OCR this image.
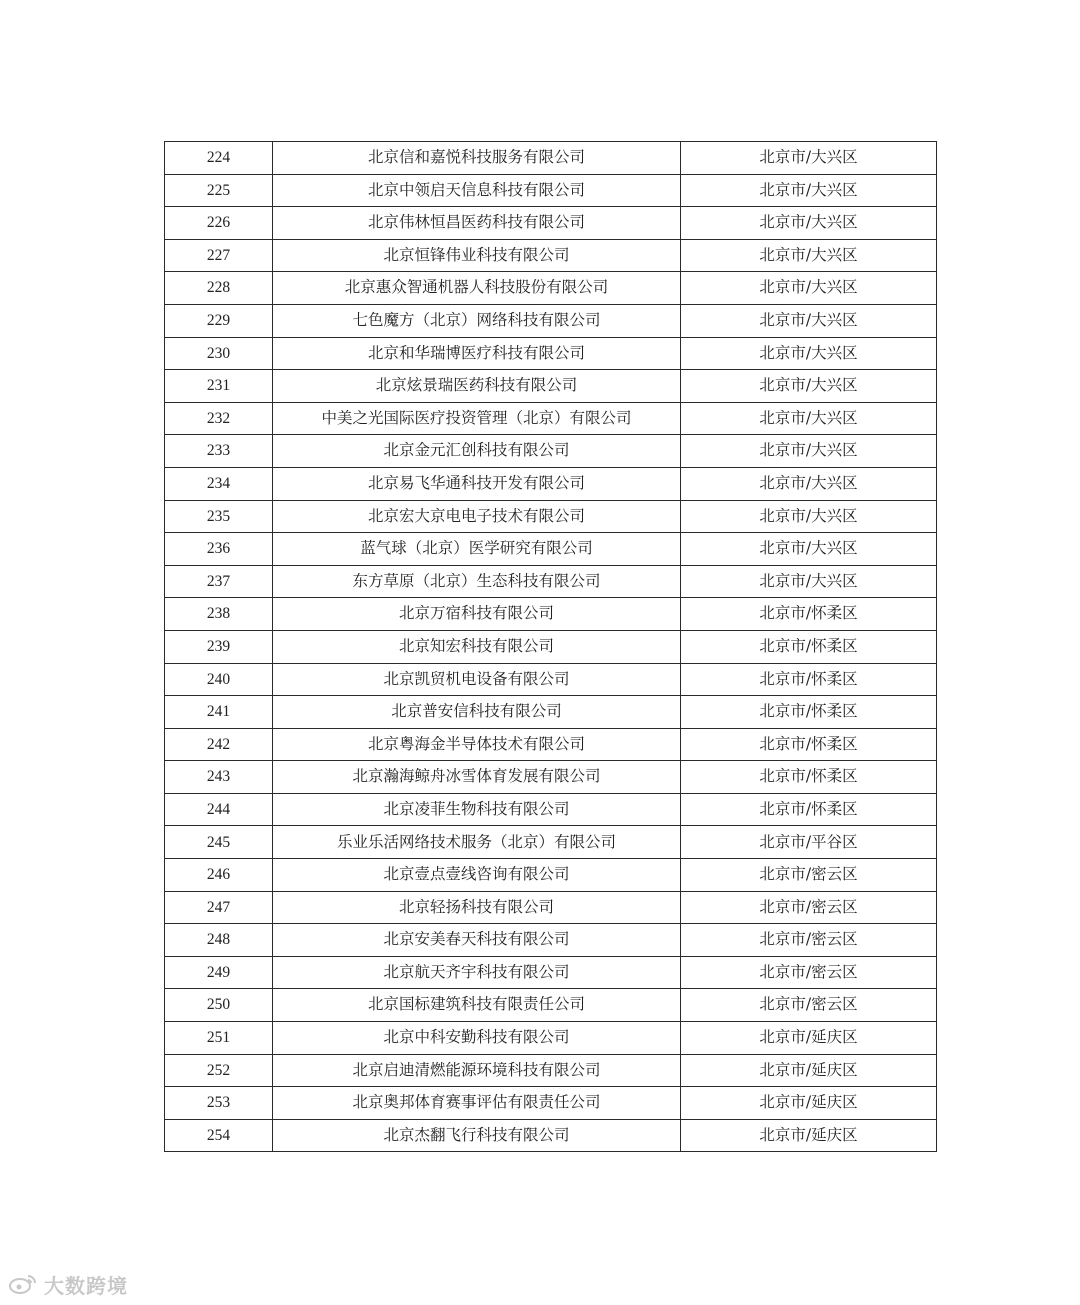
224	北京信和嘉悦科技服务有限公司	北京市/大兴区
225	北京中领启天信息科技有限公司	北京市/大兴区
226	北京伟林恒昌医药科技有限公司	北京市/大兴区
227	北京恒锋伟业科技有限公司	北京市/大兴区
228	北京惠众智通机器人科技股份有限公司	北京市/大兴区
229	七色魔方（北京）网络科技有限公司	北京市/大兴区
230	北京和华瑞博医疗科技有限公司	北京市/大兴区
231	北京炫景瑞医药科技有限公司	北京市/大兴区
232	中美之光国际医疗投资管理（北京）有限公司	北京市/大兴区
233	北京金元汇创科技有限公司	北京市/大兴区
234	北京易飞华通科技开发有限公司	北京市/大兴区
235	北京宏大京电电子技术有限公司	北京市/大兴区
236	蓝气球（北京）医学研究有限公司	北京市/大兴区
237	东方草原（北京）生态科技有限公司	北京市/大兴区
238	北京万宿科技有限公司	北京市/怀柔区
239	北京知宏科技有限公司	北京市/怀柔区
240	北京凯贸机电设备有限公司	北京市/怀柔区
241	北京普安信科技有限公司	北京市/怀柔区
242	北京粤海金半导体技术有限公司	北京市/怀柔区
243	北京瀚海鲸舟冰雪体育发展有限公司	北京市/怀柔区
244	北京凌菲生物科技有限公司	北京市/怀柔区
245	乐业乐活网络技术服务（北京）有限公司	北京市/平谷区
246	北京壹点壹线咨询有限公司	北京市/密云区
247	北京轻扬科技有限公司	北京市/密云区
248	北京安美春天科技有限公司	北京市/密云区
249	北京航天齐宇科技有限公司	北京市/密云区
250	北京国标建筑科技有限责任公司	北京市/密云区
251	北京中科安勤科技有限公司	北京市/延庆区
252	北京启迪清燃能源环境科技有限公司	北京市/延庆区
253	北京奥邦体育赛事评估有限责任公司	北京市/延庆区
254	北京杰翻飞行科技有限公司	北京市/延庆区
大数跨境
